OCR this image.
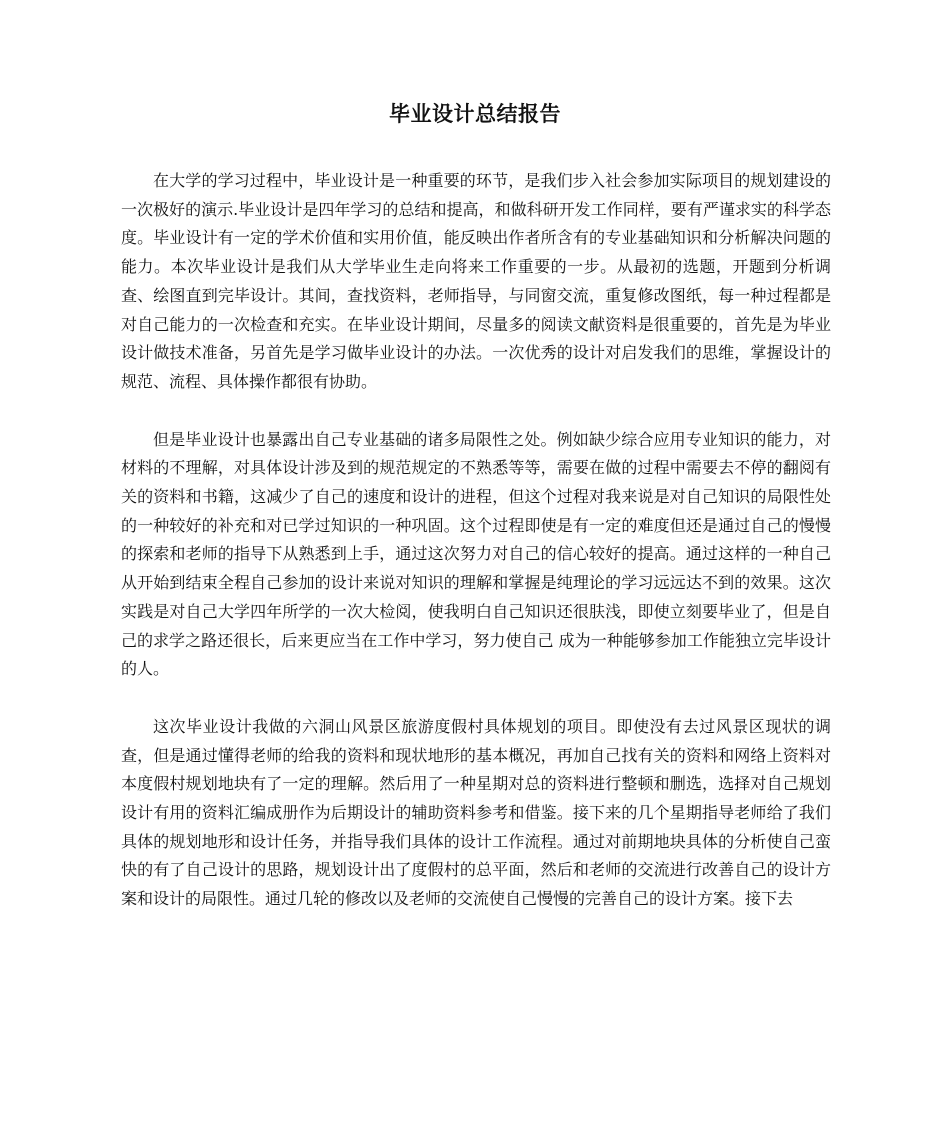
毕业设计总结报告

在大学的学习过程中，毕业设计是一种重要的环节，是我们步入社会参加实际项目的规划建设的一次极好的演示.毕业设计是四年学习的总结和提高，和做科研开发工作同样，要有严谨求实的科学态度。毕业设计有一定的学术价值和实用价值，能反映出作者所含有的专业基础知识和分析解决问题的能力。本次毕业设计是我们从大学毕业生走向将来工作重要的一步。从最初的选题，开题到分析调查、绘图直到完毕设计。其间，查找资料，老师指导，与同窗交流，重复修改图纸，每一种过程都是对自己能力的一次检查和充实。在毕业设计期间，尽量多的阅读文献资料是很重要的，首先是为毕业设计做技术准备，另首先是学习做毕业设计的办法。一次优秀的设计对启发我们的思维，掌握设计的规范、流程、具体操作都很有协助。

但是毕业设计也暴露出自己专业基础的诸多局限性之处。例如缺少综合应用专业知识的能力，对材料的不理解，对具体设计涉及到的规范规定的不熟悉等等，需要在做的过程中需要去不停的翻阅有关的资料和书籍，这减少了自己的速度和设计的进程，但这个过程对我来说是对自己知识的局限性处的一种较好的补充和对已学过知识的一种巩固。这个过程即使是有一定的难度但还是通过自己的慢慢的探索和老师的指导下从熟悉到上手，通过这次努力对自己的信心较好的提高。通过这样的一种自己从开始到结束全程自己参加的设计来说对知识的理解和掌握是纯理论的学习远远达不到的效果。这次实践是对自己大学四年所学的一次大检阅，使我明白自己知识还很肤浅，即使立刻要毕业了，但是自己的求学之路还很长，后来更应当在工作中学习，努力使自己 成为一种能够参加工作能独立完毕设计的人。

这次毕业设计我做的六洞山风景区旅游度假村具体规划的项目。即使没有去过风景区现状的调查，但是通过懂得老师的给我的资料和现状地形的基本概况，再加自己找有关的资料和网络上资料对本度假村规划地块有了一定的理解。然后用了一种星期对总的资料进行整顿和删选，选择对自己规划设计有用的资料汇编成册作为后期设计的辅助资料参考和借鉴。接下来的几个星期指导老师给了我们具体的规划地形和设计任务，并指导我们具体的设计工作流程。通过对前期地块具体的分析使自己蛮快的有了自己设计的思路，规划设计出了度假村的总平面，然后和老师的交流进行改善自己的设计方案和设计的局限性。通过几轮的修改以及老师的交流使自己慢慢的完善自己的设计方案。接下去
